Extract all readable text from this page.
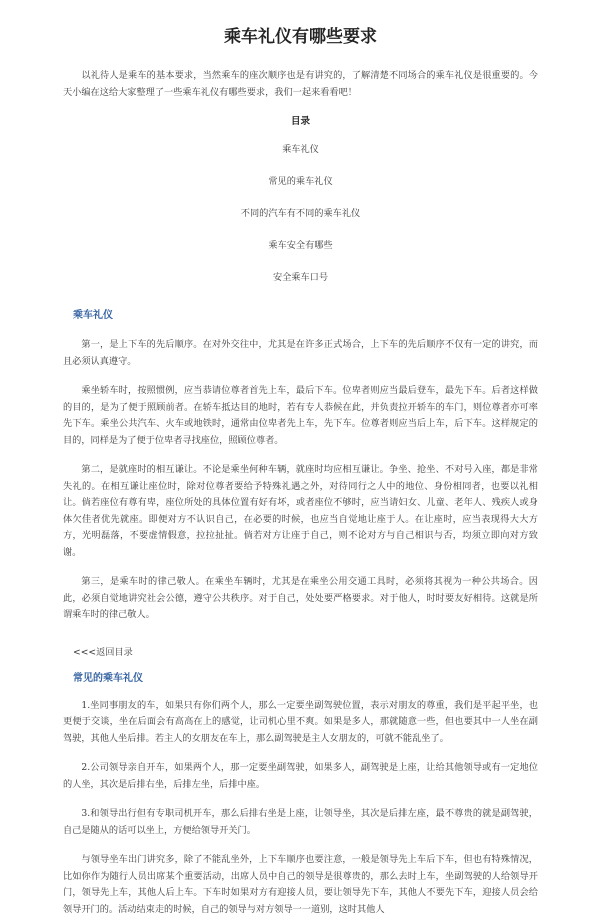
乘车礼仪有哪些要求

以礼待人是乘车的基本要求，当然乘车的座次顺序也是有讲究的，了解清楚不同场合的乘车礼仪是很重要的。今天小编在这给大家整理了一些乘车礼仪有哪些要求，我们一起来看看吧！

目录
乘车礼仪
常见的乘车礼仪
不同的汽车有不同的乘车礼仪
乘车安全有哪些
安全乘车口号
乘车礼仪

第一，是上下车的先后顺序。在对外交往中，尤其是在许多正式场合，上下车的先后顺序不仅有一定的讲究，而且必须认真遵守。

乘坐轿车时，按照惯例，应当恭请位尊者首先上车，最后下车。位卑者则应当最后登车，最先下车。后者这样做的目的，是为了便于照顾前者。在轿车抵达目的地时，若有专人恭候在此，并负责拉开轿车的车门，则位尊者亦可率先下车。乘坐公共汽车、火车或地铁时，通常由位卑者先上车，先下车。位尊者则应当后上车，后下车。这样规定的目的，同样是为了便于位卑者寻找座位，照顾位尊者。

第二，是就座时的相互谦让。不论是乘坐何种车辆，就座时均应相互谦让。争坐、抢坐、不对号入座，都是非常失礼的。在相互谦让座位时，除对位尊者要给予特殊礼遇之外，对待同行之人中的地位、身份相同者，也要以礼相让。倘若座位有尊有卑，座位所处的具体位置有好有坏，或者座位不够时，应当请妇女、儿童、老年人、残疾人或身体欠佳者优先就座。即便对方不认识自己，在必要的时候，也应当自觉地让座于人。在让座时，应当表现得大大方方，光明磊落，不要虚情假意，拉拉扯扯。倘若对方让座于自己，则不论对方与自己相识与否，均须立即向对方致谢。

第三，是乘车时的律己敬人。在乘坐车辆时，尤其是在乘坐公用交通工具时，必须将其视为一种公共场合。因此，必须自觉地讲究社会公德，遵守公共秩序。对于自己，处处要严格要求。对于他人，时时要友好相待。这就是所谓乘车时的律己敬人。

<<<返回目录
常见的乘车礼仪

1.坐同事朋友的车，如果只有你们两个人，那么一定要坐副驾驶位置，表示对朋友的尊重，我们是平起平坐，也更便于交谈，坐在后面会有高高在上的感觉，让司机心里不爽。如果是多人，那就随意一些，但也要其中一人坐在副驾驶，其他人坐后排。若主人的女朋友在车上，那么副驾驶是主人女朋友的，可就不能乱坐了。

2.公司领导亲自开车，如果两个人，那一定要坐副驾驶，如果多人，副驾驶是上座，让给其他领导或有一定地位的人坐，其次是后排右坐，后排左坐，后排中座。

3.和领导出行但有专职司机开车，那么后排右坐是上座，让领导坐，其次是后排左座，最不尊贵的就是副驾驶，自己是随从的话可以坐上，方便给领导开关门。

与领导坐车出门讲究多，除了不能乱坐外，上下车顺序也要注意，一般是领导先上车后下车，但也有特殊情况，比如你作为随行人员出席某个重要活动，出席人员中自己的领导是很尊贵的，那么去时上车，坐副驾驶的人给领导开门，领导先上车，其他人后上车。下车时如果对方有迎接人员，要让领导先下车，其他人不要先下车，迎接人员会给领导开门的。活动结束走的时候，自己的领导与对方领导一一道别，这时其他人
